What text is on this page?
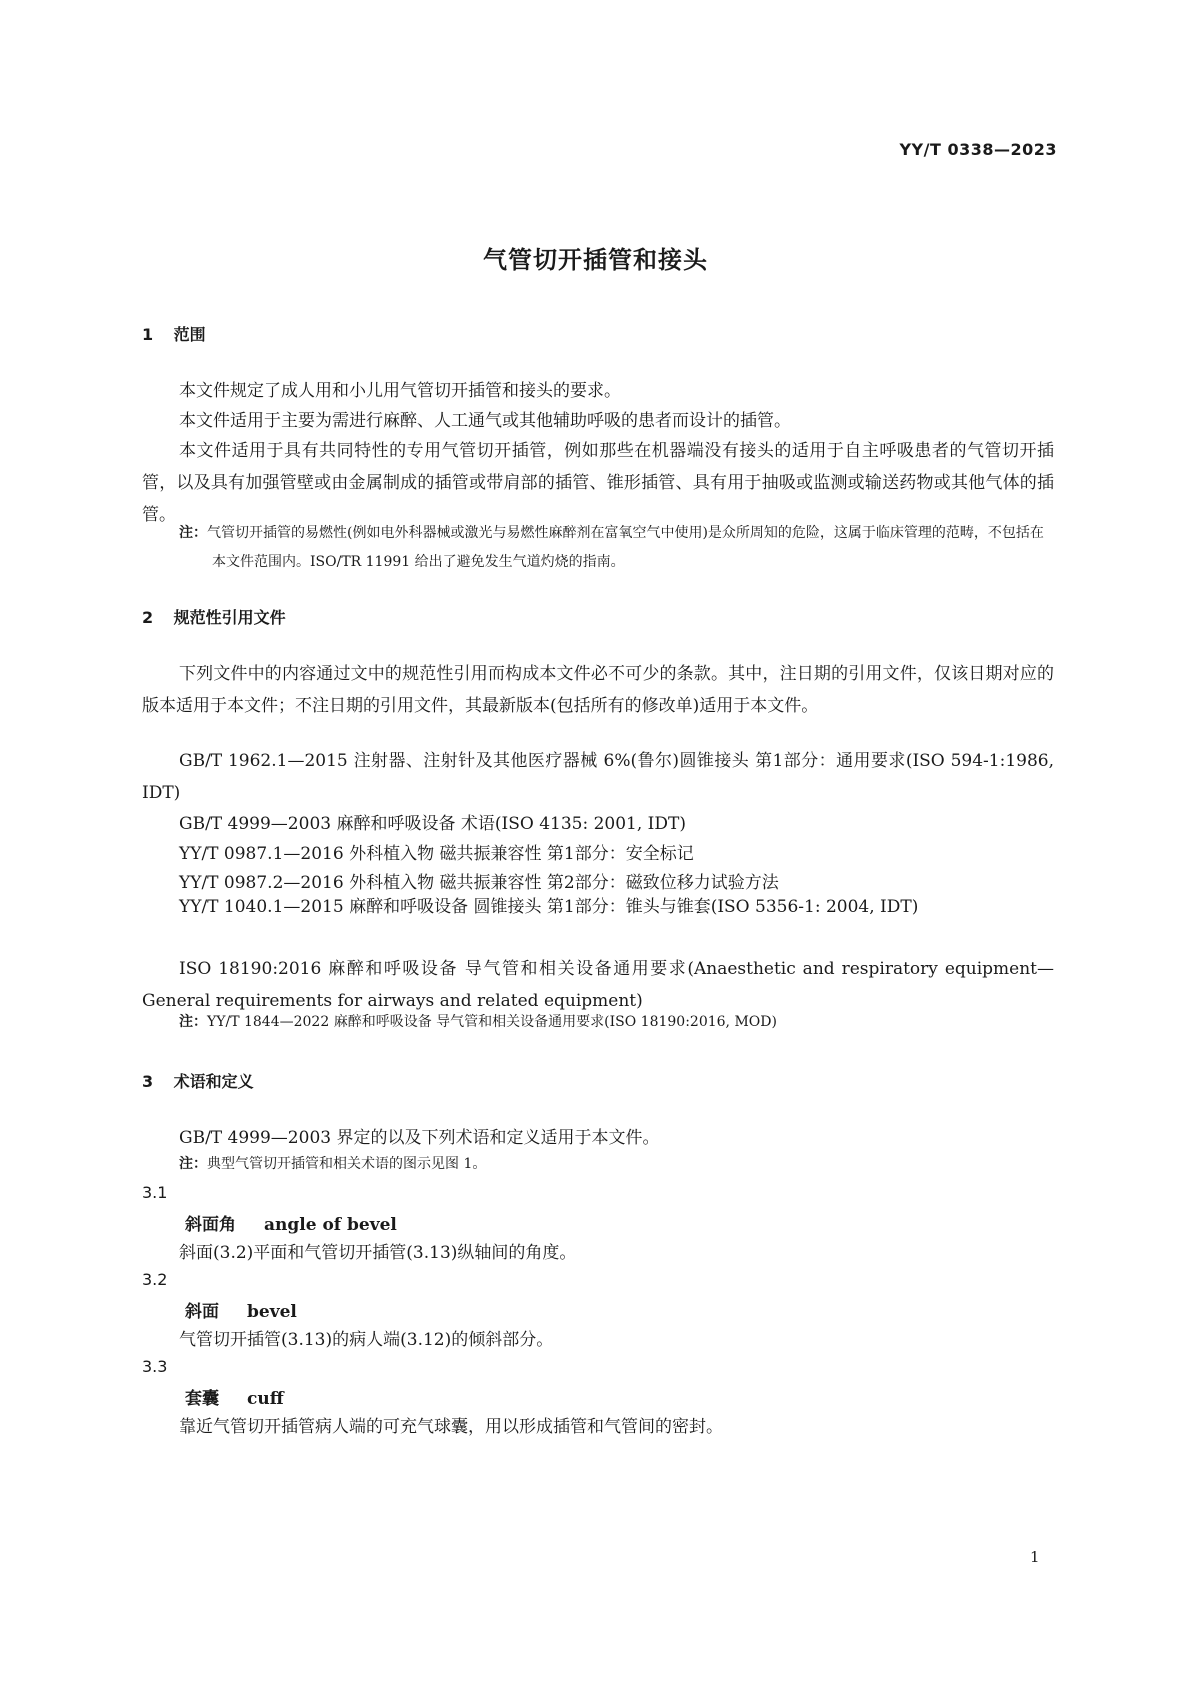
YY/T 0338—2023
气管切开插管和接头
1 范围
本文件规定了成人用和小儿用气管切开插管和接头的要求。
本文件适用于主要为需进行麻醉、人工通气或其他辅助呼吸的患者而设计的插管。
本文件适用于具有共同特性的专用气管切开插管，例如那些在机器端没有接头的适用于自主呼吸患者的气管切开插管，以及具有加强管壁或由金属制成的插管或带肩部的插管、锥形插管、具有用于抽吸或监测或输送药物或其他气体的插管。
注：气管切开插管的易燃性(例如电外科器械或激光与易燃性麻醉剂在富氧空气中使用)是众所周知的危险，这属于临床管理的范畴，不包括在本文件范围内。ISO/TR 11991 给出了避免发生气道灼烧的指南。
2 规范性引用文件
下列文件中的内容通过文中的规范性引用而构成本文件必不可少的条款。其中，注日期的引用文件，仅该日期对应的版本适用于本文件；不注日期的引用文件，其最新版本(包括所有的修改单)适用于本文件。
GB/T 1962.1—2015 注射器、注射针及其他医疗器械 6%(鲁尔)圆锥接头 第1部分：通用要求(ISO 594-1:1986, IDT)
GB/T 4999—2003 麻醉和呼吸设备 术语(ISO 4135: 2001, IDT)
YY/T 0987.1—2016 外科植入物 磁共振兼容性 第1部分：安全标记
YY/T 0987.2—2016 外科植入物 磁共振兼容性 第2部分：磁致位移力试验方法
YY/T 1040.1—2015 麻醉和呼吸设备 圆锥接头 第1部分：锥头与锥套(ISO 5356-1: 2004, IDT)
ISO 18190:2016 麻醉和呼吸设备 导气管和相关设备通用要求(Anaesthetic and respiratory equipment—General requirements for airways and related equipment)
注：YY/T 1844—2022 麻醉和呼吸设备 导气管和相关设备通用要求(ISO 18190:2016, MOD)
3 术语和定义
GB/T 4999—2003 界定的以及下列术语和定义适用于本文件。
注：典型气管切开插管和相关术语的图示见图 1。
3.1
斜面角 angle of bevel
斜面(3.2)平面和气管切开插管(3.13)纵轴间的角度。
3.2
斜面 bevel
气管切开插管(3.13)的病人端(3.12)的倾斜部分。
3.3
套囊 cuff
靠近气管切开插管病人端的可充气球囊，用以形成插管和气管间的密封。
1
